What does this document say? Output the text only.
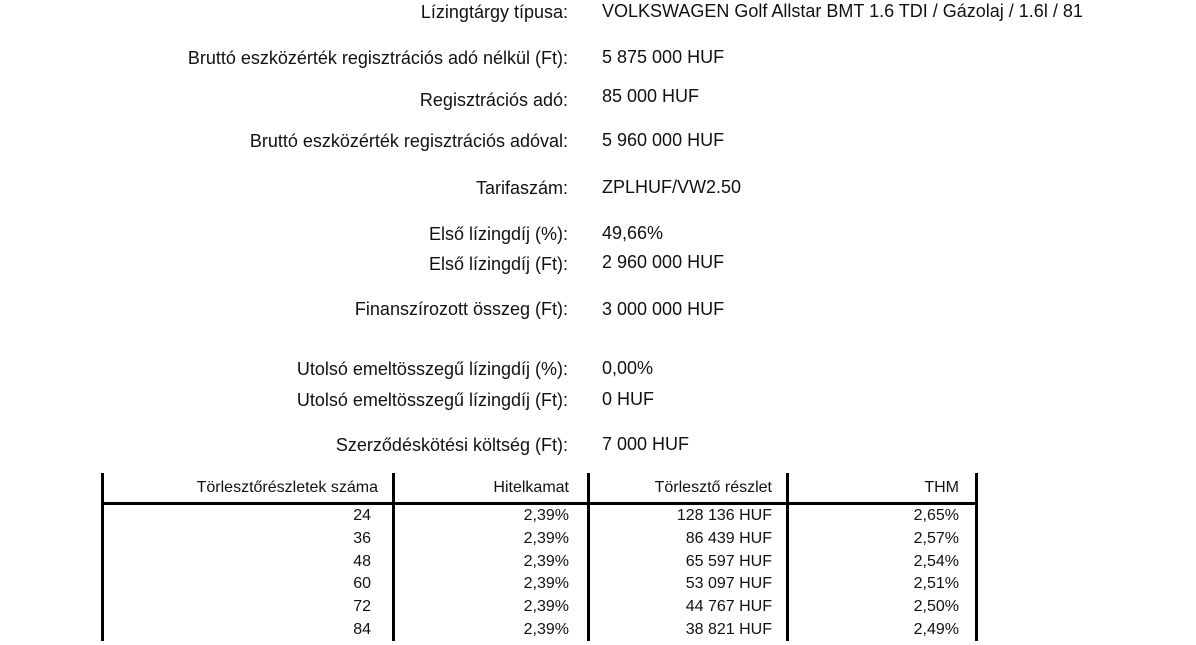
Lízingtárgy típusa: VOLKSWAGEN Golf Allstar BMT 1.6 TDI / Gázolaj / 1.6l / 81
Bruttó eszközérték regisztrációs adó nélkül (Ft): 5 875 000 HUF
Regisztrációs adó: 85 000 HUF
Bruttó eszközérték regisztrációs adóval: 5 960 000 HUF
Tarifaszám: ZPLHUF/VW2.50
Első lízingdíj (%): 49,66%
Első lízingdíj (Ft): 2 960 000 HUF
Finanszírozott összeg (Ft): 3 000 000 HUF
Utolsó emeltösszegű lízingdíj (%): 0,00%
Utolsó emeltösszegű lízingdíj (Ft): 0 HUF
Szerződéskötési költség (Ft): 7 000 HUF
Törlesztőrészletek száma	Hitelkamat	Törlesztő részlet	THM
24	2,39%	128 136 HUF	2,65%
36	2,39%	86 439 HUF	2,57%
48	2,39%	65 597 HUF	2,54%
60	2,39%	53 097 HUF	2,51%
72	2,39%	44 767 HUF	2,50%
84	2,39%	38 821 HUF	2,49%
